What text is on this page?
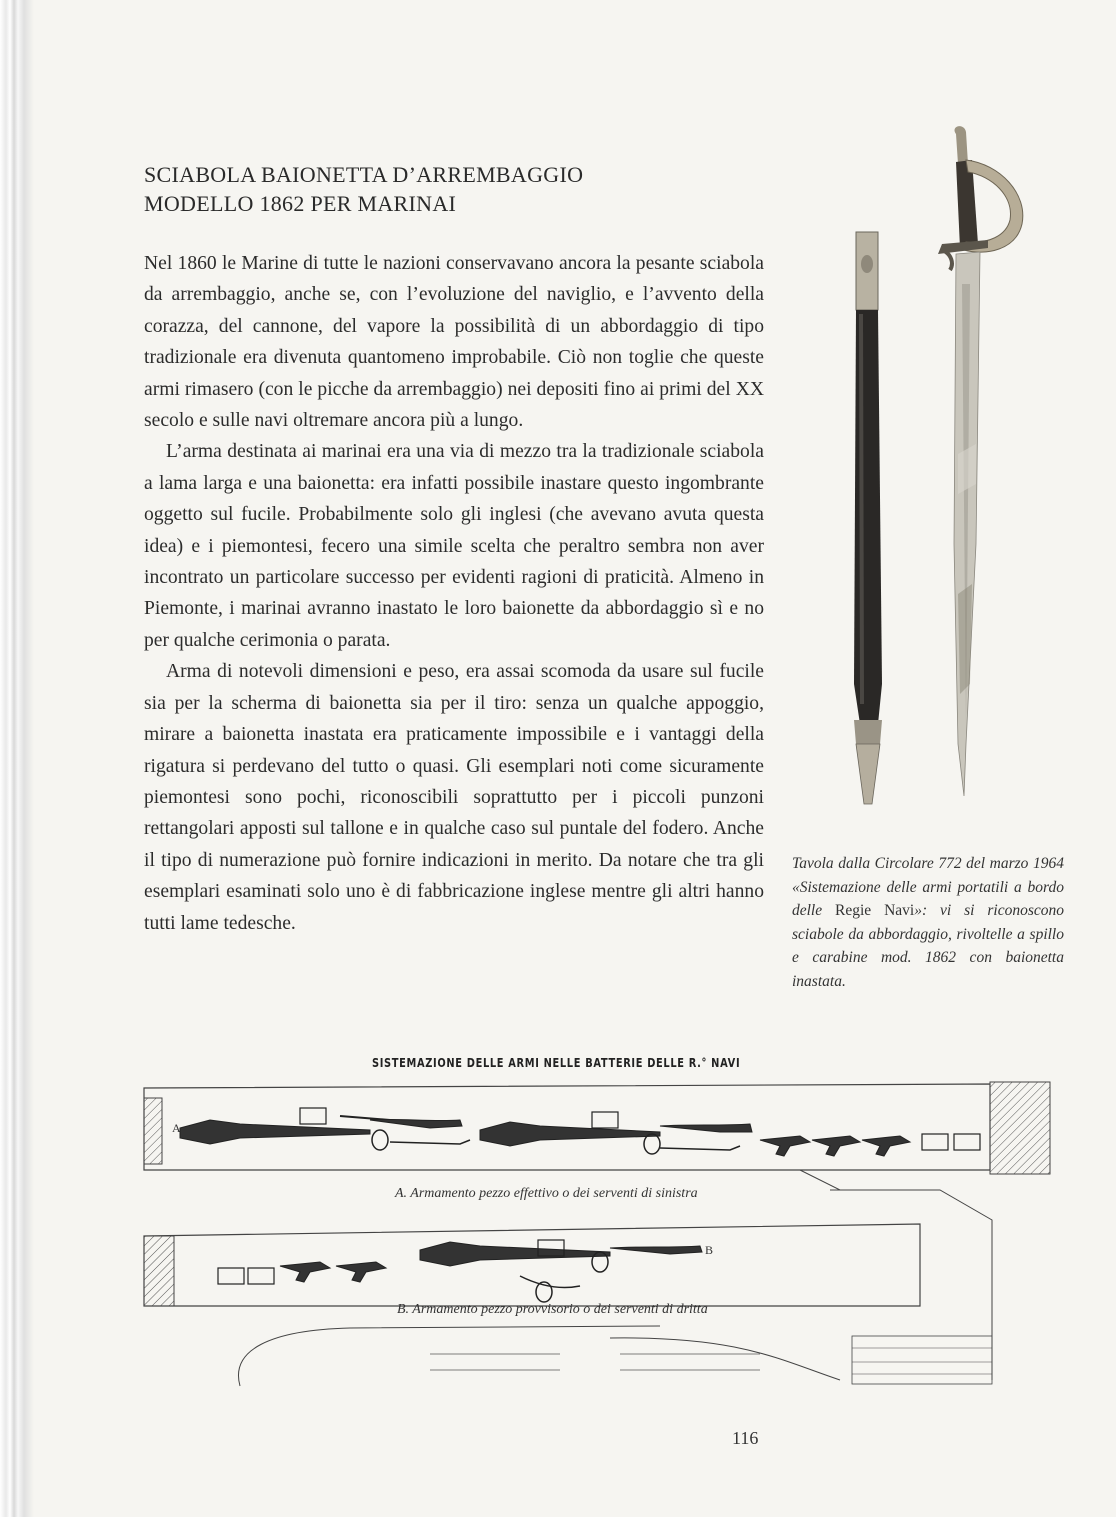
SCIABOLA BAIONETTA D’ARREMBAGGIO
MODELLO 1862 PER MARINAI

Nel 1860 le Marine di tutte le nazioni conservavano ancora la pesante sciabola da arrembaggio, anche se, con l’evoluzione del naviglio, e l’avvento della corazza, del cannone, del vapore la possibilità di un abbordaggio di tipo tradizionale era divenuta quantomeno improbabile. Ciò non toglie che queste armi rimasero (con le picche da arrembaggio) nei depositi fino ai primi del XX secolo e sulle navi oltremare ancora più a lungo.

L’arma destinata ai marinai era una via di mezzo tra la tradizionale sciabola a lama larga e una baionetta: era infatti possibile inastare questo ingombrante oggetto sul fucile. Probabilmente solo gli inglesi (che avevano avuta questa idea) e i piemontesi, fecero una simile scelta che peraltro sembra non aver incontrato un particolare successo per evidenti ragioni di praticità. Almeno in Piemonte, i marinai avranno inastato le loro baionette da abbordaggio sì e no per qualche cerimonia o parata.

Arma di notevoli dimensioni e peso, era assai scomoda da usare sul fucile sia per la scherma di baionetta sia per il tiro: senza un qualche appoggio, mirare a baionetta inastata era praticamente impossibile e i vantaggi della rigatura si perdevano del tutto o quasi. Gli esemplari noti come sicuramente piemontesi sono pochi, riconoscibili soprattutto per i piccoli punzoni rettangolari apposti sul tallone e in qualche caso sul puntale del fodero. Anche il tipo di numerazione può fornire indicazioni in merito. Da notare che tra gli esemplari esaminati solo uno è di fabbricazione inglese mentre gli altri hanno tutti lame tedesche.

Tavola dalla Circolare 772 del marzo 1964 «Sistemazione delle armi portatili a bordo delle Regie Navi»: vi si riconoscono sciabole da abbordaggio, rivoltelle a spillo e carabine mod. 1862 con baionetta inastata.
SISTEMAZIONE DELLE ARMI NELLE BATTERIE DELLE R.° NAVI
A
B
A. Armamento pezzo effettivo o dei serventi di sinistra
B. Armamento pezzo provvisorio o dei serventi di dritta
116
